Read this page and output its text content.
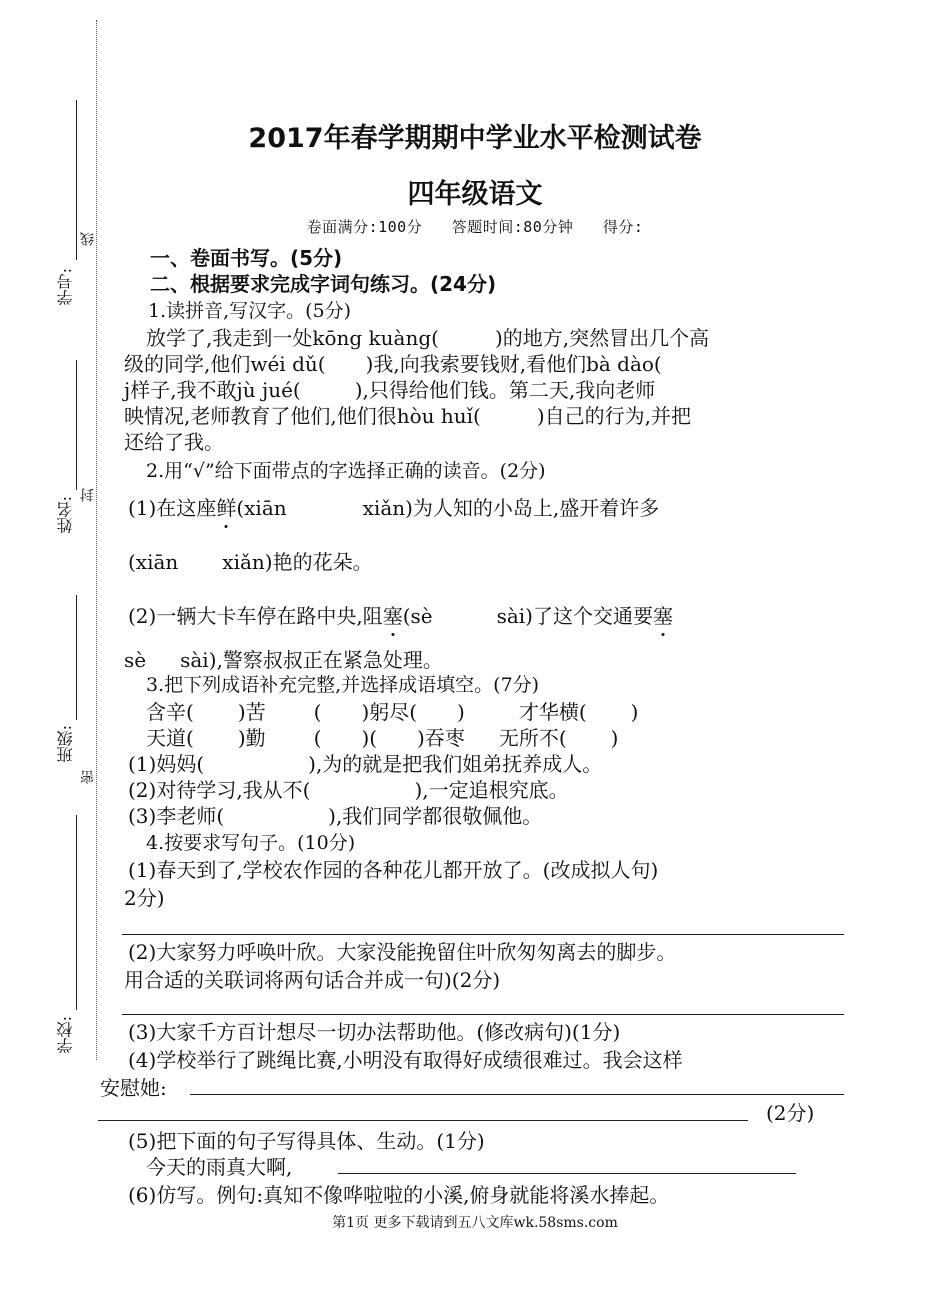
学号:
姓名:
班级:
学校:
线
封
密
2017年春学期期中学业水平检测试卷
四年级语文
卷面满分:100分 答题时间:80分钟 得分:
一、卷面书写。(5分)
二、根据要求完成字词句练习。(24分)
1.读拼音,写汉字。(5分)
放学了,我走到一处kōng kuàng(	)的地方,突然冒出几个高
级的同学,他们wéi dǔ( )我,向我索要钱财,看他们bà dào(
j样子,我不敢jù jué(	),只得给他们钱。第二天,我向老师
映情况,老师教育了他们,他们很hòu huǐ(	)自己的行为,并把
还给了我。
2.用“√”给下面带点的字选择正确的读音。(2分)
(1)在这座鲜(xiān	xiǎn)为人知的小岛上,盛开着许多
(xiān xiǎn)艳的花朵。
(2)一辆大卡车停在路中央,阻塞(sè	sài)了这个交通要塞
sè sài),警察叔叔正在紧急处理。
3.把下列成语补充完整,并选择成语填空。(7分)
含辛( )苦 ( )躬尽( )	才华横( )
天道( )勤 ( )( )吞枣 无所不( )
(1)妈妈(	),为的就是把我们姐弟抚养成人。
(2)对待学习,我从不(	),一定追根究底。
(3)李老师(	),我们同学都很敬佩他。
4.按要求写句子。(10分)
(1)春天到了,学校农作园的各种花儿都开放了。(改成拟人句)
2分)
(2)大家努力呼唤叶欣。大家没能挽留住叶欣匆匆离去的脚步。
用合适的关联词将两句话合并成一句)(2分)
(3)大家千方百计想尽一切办法帮助他。(修改病句)(1分)
(4)学校举行了跳绳比赛,小明没有取得好成绩很难过。我会这样
安慰她:
(2分)
(5)把下面的句子写得具体、生动。(1分)
今天的雨真大啊,
(6)仿写。例句:真知不像哗啦啦的小溪,俯身就能将溪水捧起。
第1页 更多下载请到五八文库wk.58sms.com
